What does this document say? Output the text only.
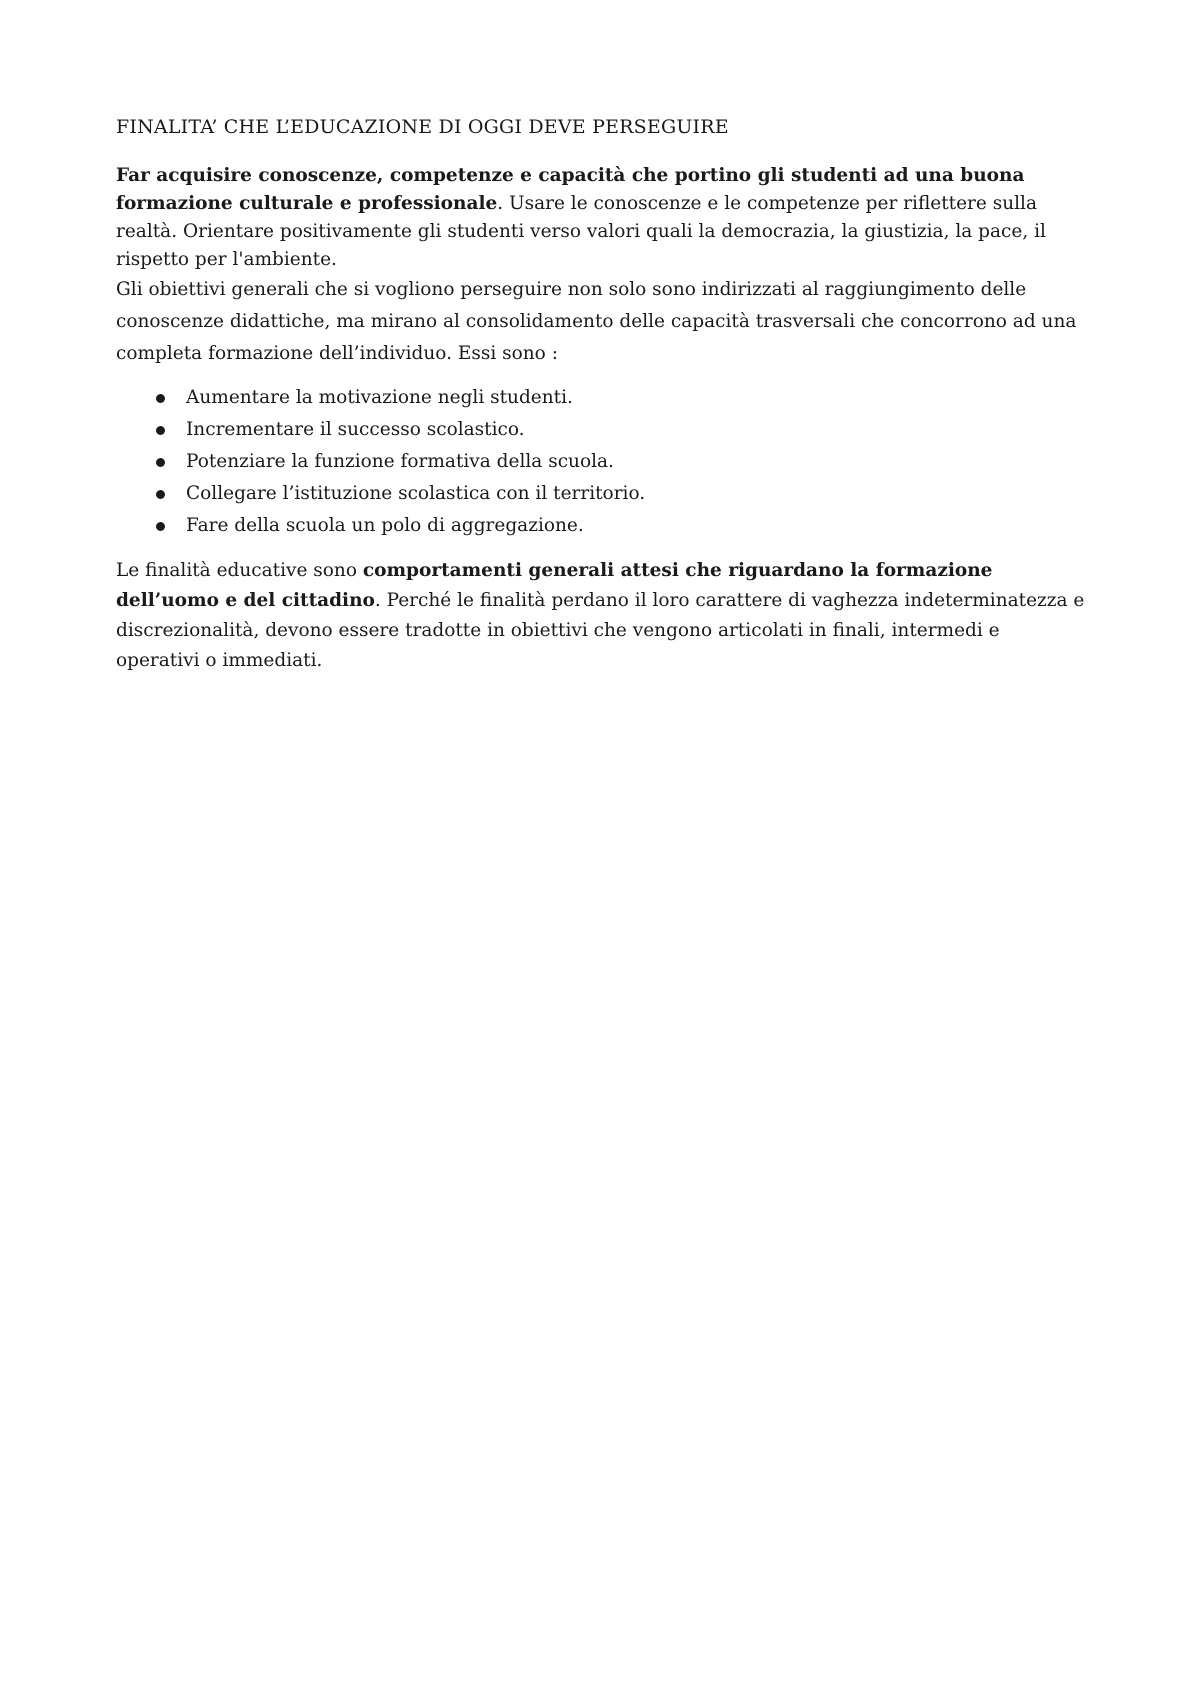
FINALITA’ CHE L’EDUCAZIONE DI OGGI DEVE PERSEGUIRE

Far acquisire conoscenze, competenze e capacità che portino gli studenti ad una buona formazione culturale e professionale. Usare le conoscenze e le competenze per riflettere sulla realtà. Orientare positivamente gli studenti verso valori quali la democrazia, la giustizia, la pace, il rispetto per l'ambiente.

Gli obiettivi generali che si vogliono perseguire non solo sono indirizzati al raggiungimento delle conoscenze didattiche, ma mirano al consolidamento delle capacità trasversali che concorrono ad una completa formazione dell’individuo. Essi sono :

Aumentare la motivazione negli studenti.
Incrementare il successo scolastico.
Potenziare la funzione formativa della scuola.
Collegare l’istituzione scolastica con il territorio.
Fare della scuola un polo di aggregazione.

Le finalità educative sono comportamenti generali attesi che riguardano la formazione dell’uomo e del cittadino. Perché le finalità perdano il loro carattere di vaghezza indeterminatezza e discrezionalità, devono essere tradotte in obiettivi che vengono articolati in finali, intermedi e operativi o immediati.
